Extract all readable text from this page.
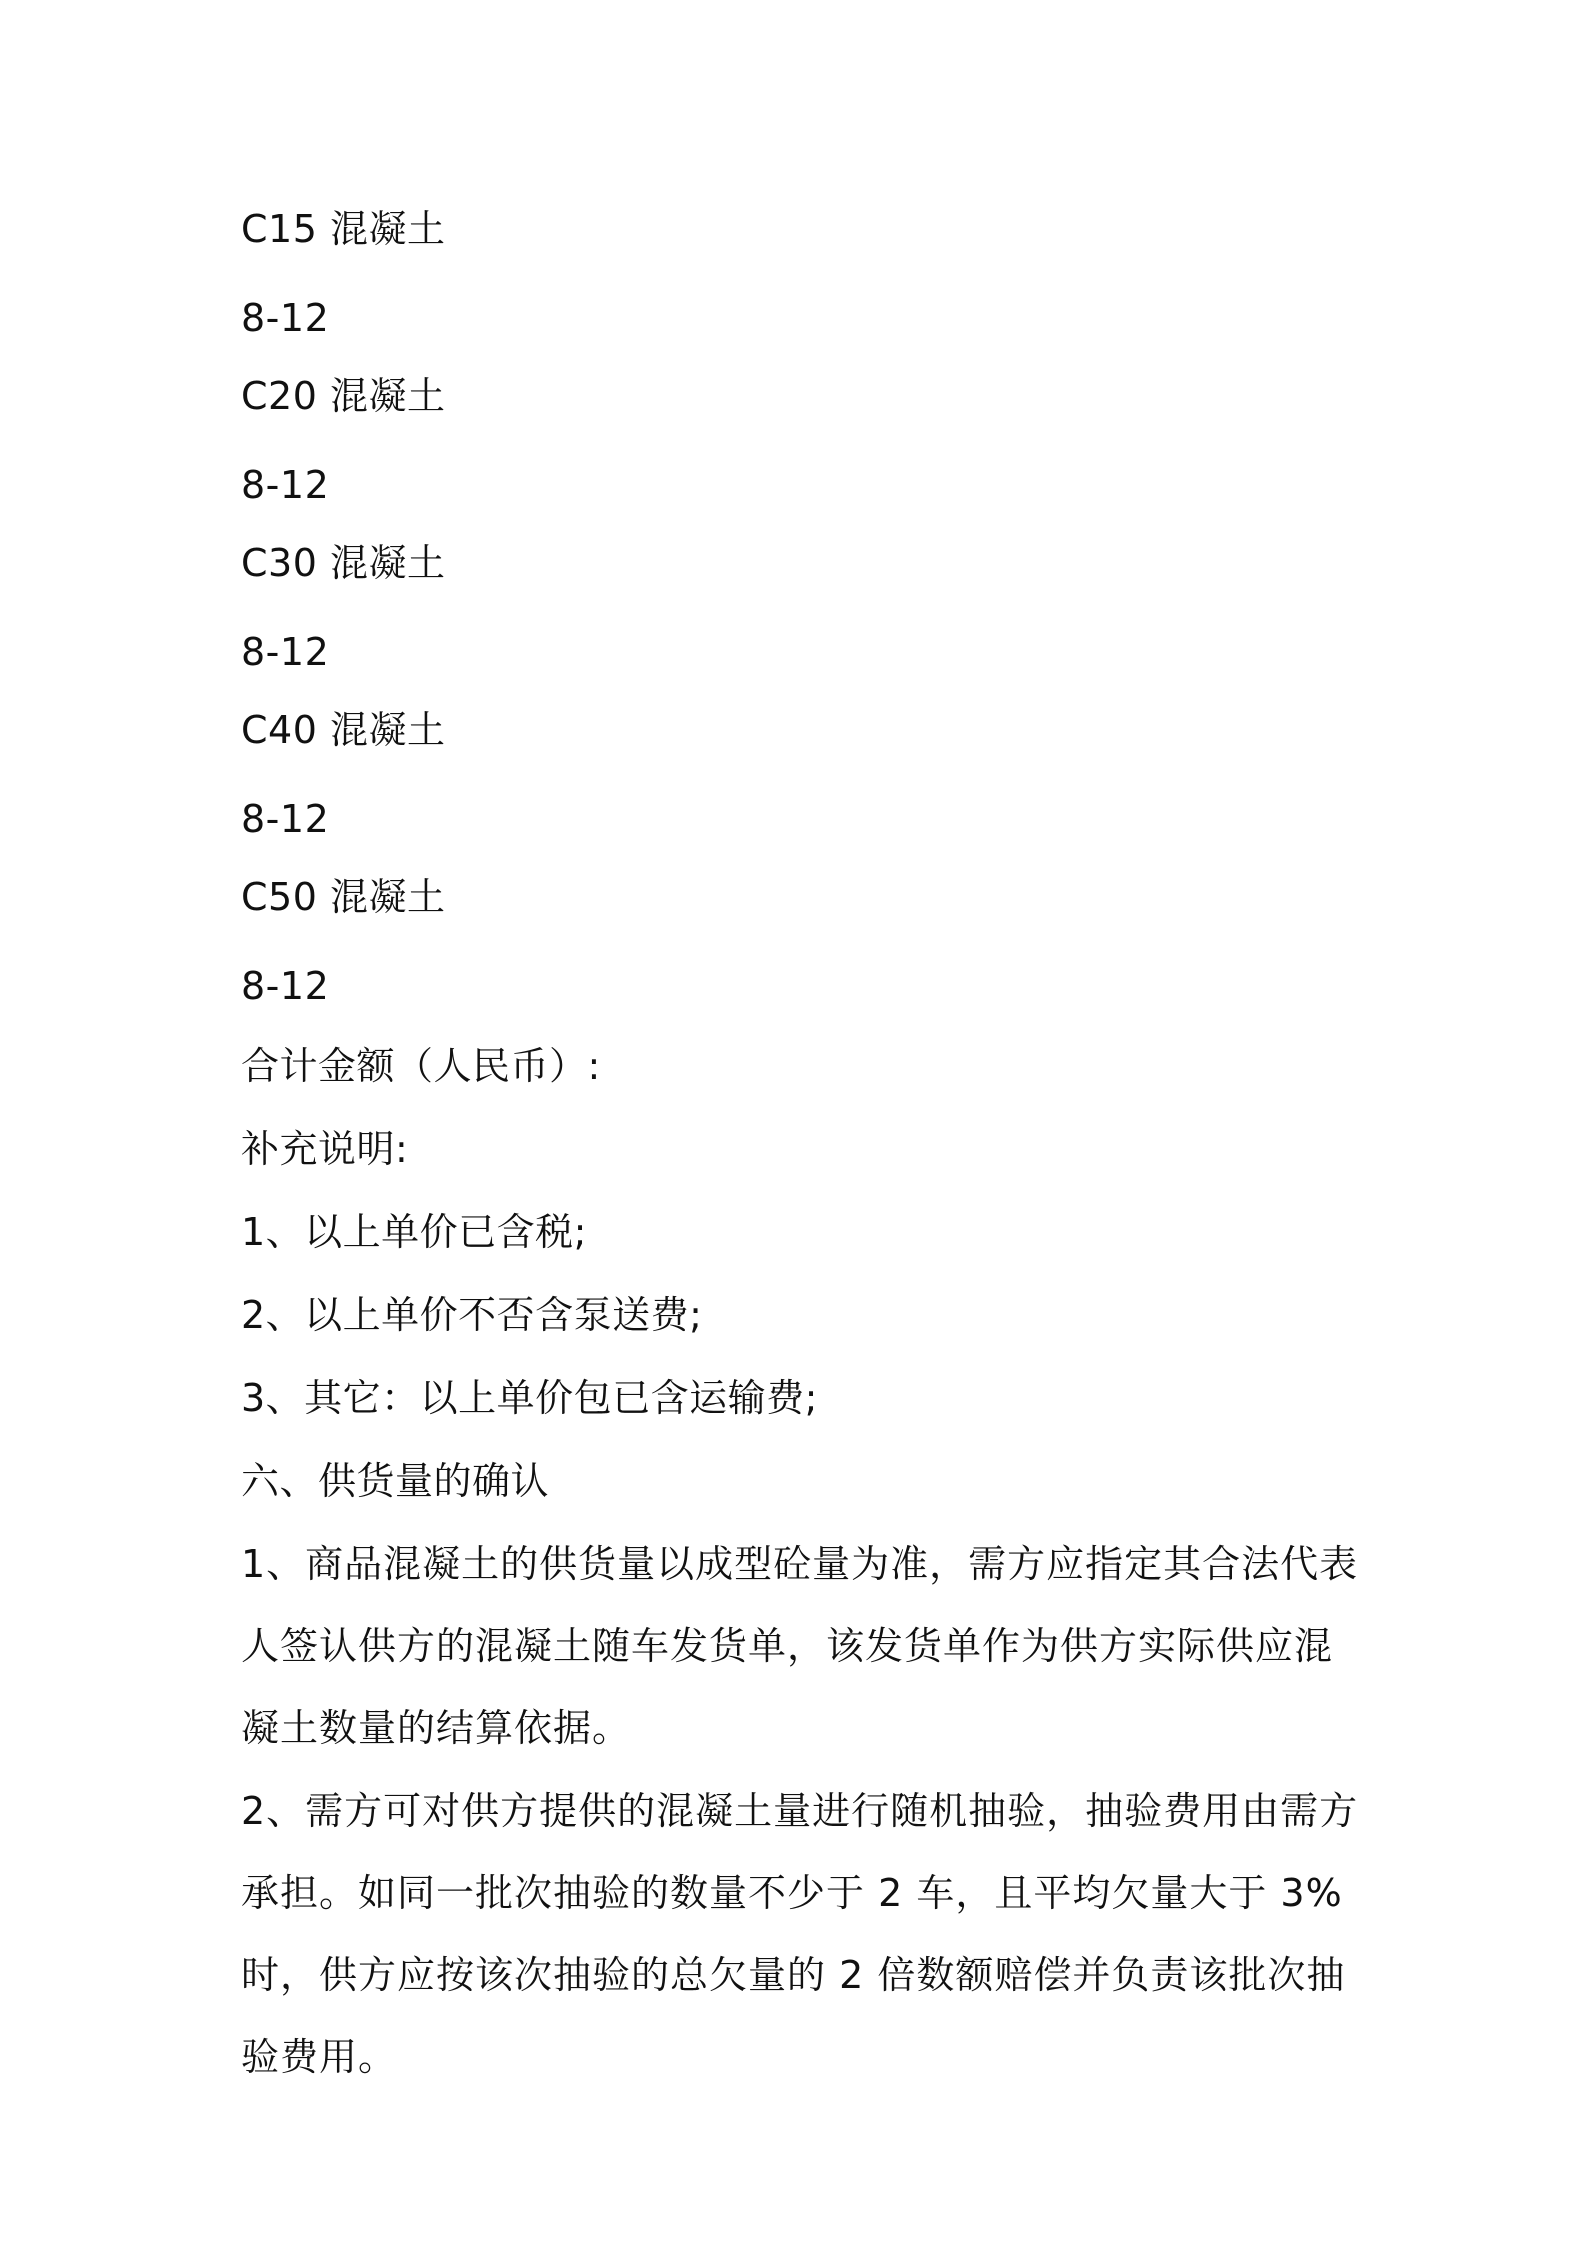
C15 混凝土
8-12
C20 混凝土
8-12
C30 混凝土
8-12
C40 混凝土
8-12
C50 混凝土
8-12
合计金额（人民币）:
补充说明:
1、以上单价已含税;
2、以上单价不否含泵送费;
3、其它：以上单价包已含运输费;
六、供货量的确认
1、商品混凝土的供货量以成型砼量为准，需方应指定其合法代表人签认供方的混凝土随车发货单，该发货单作为供方实际供应混凝土数量的结算依据。
2、需方可对供方提供的混凝土量进行随机抽验，抽验费用由需方承担。如同一批次抽验的数量不少于 2 车，且平均欠量大于 3%时，供方应按该次抽验的总欠量的 2 倍数额赔偿并负责该批次抽验费用。
